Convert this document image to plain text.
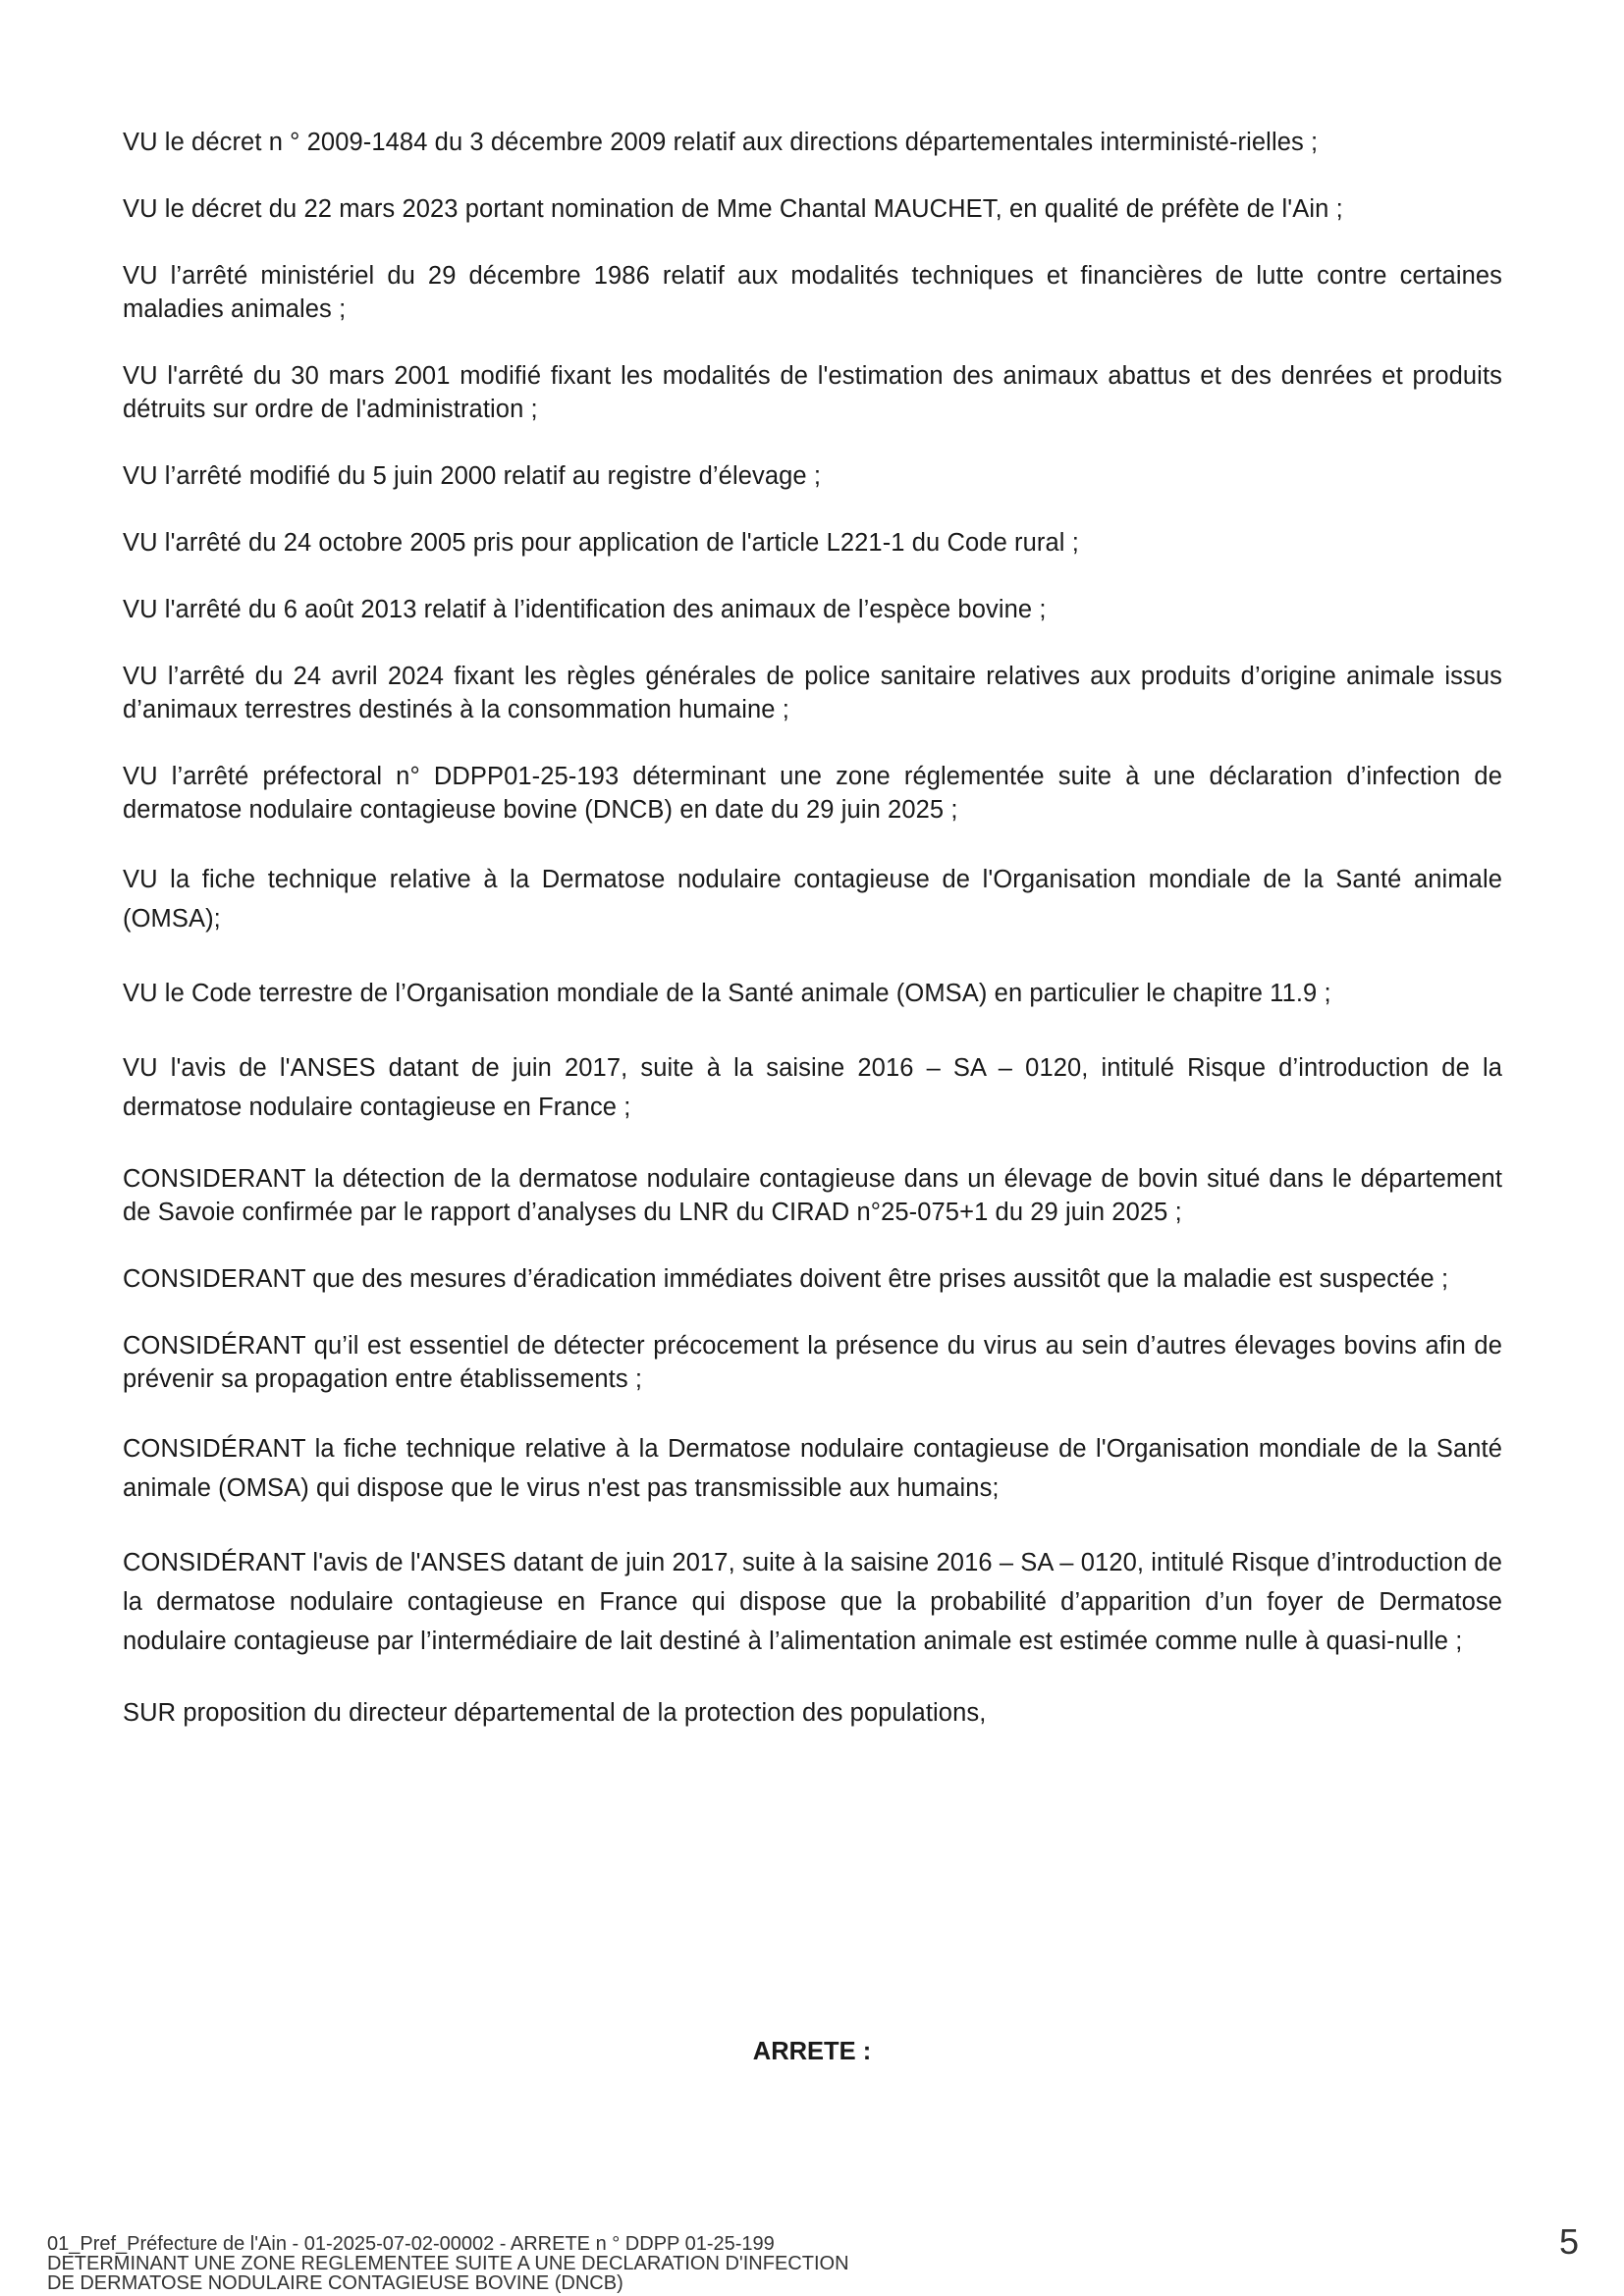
VU le décret n ° 2009-1484 du 3 décembre 2009 relatif aux directions départementales interministé-rielles ;

VU le décret du 22 mars 2023 portant nomination de Mme Chantal MAUCHET, en qualité de préfète de l'Ain ;

VU l’arrêté ministériel du 29 décembre 1986 relatif aux modalités techniques et financières de lutte contre certaines maladies animales ;

VU l'arrêté du 30 mars 2001 modifié fixant les modalités de l'estimation des animaux abattus et des denrées et produits détruits sur ordre de l'administration ;

VU l’arrêté modifié du 5 juin 2000 relatif au registre d’élevage ;

VU l'arrêté du 24 octobre 2005 pris pour application de l'article L221-1 du Code rural ;

VU l'arrêté du 6 août 2013 relatif à l’identification des animaux de l’espèce bovine ;

VU l’arrêté du 24 avril 2024 fixant les règles générales de police sanitaire relatives aux produits d’origine animale issus d’animaux terrestres destinés à la consommation humaine ;

VU l’arrêté préfectoral n° DDPP01-25-193 déterminant une zone réglementée suite à une déclaration d’infection de dermatose nodulaire contagieuse bovine (DNCB) en date du 29 juin 2025 ;

VU la fiche technique relative à la Dermatose nodulaire contagieuse de l'Organisation mondiale de la Santé animale (OMSA);

VU le Code terrestre de l’Organisation mondiale de la Santé animale (OMSA) en particulier le chapitre 11.9 ;

VU l'avis de l'ANSES datant de juin 2017, suite à la saisine 2016 – SA – 0120, intitulé Risque d’introduction de la dermatose nodulaire contagieuse en France ;

CONSIDERANT la détection de la dermatose nodulaire contagieuse dans un élevage de bovin situé dans le département de Savoie confirmée par le rapport d’analyses du LNR du CIRAD n°25-075+1 du 29 juin 2025 ;

CONSIDERANT que des mesures d’éradication immédiates doivent être prises aussitôt que la maladie est suspectée ;

CONSIDÉRANT qu’il est essentiel de détecter précocement la présence du virus au sein d’autres élevages bovins afin de prévenir sa propagation entre établissements ;

CONSIDÉRANT la fiche technique relative à la Dermatose nodulaire contagieuse de l'Organisation mondiale de la Santé animale (OMSA) qui dispose que le virus n'est pas transmissible aux humains;

CONSIDÉRANT l'avis de l'ANSES datant de juin 2017, suite à la saisine 2016 – SA – 0120, intitulé Risque d’introduction de la dermatose nodulaire contagieuse en France qui dispose que la probabilité d’apparition d’un foyer de Dermatose nodulaire contagieuse par l’intermédiaire de lait destiné à l’alimentation animale est estimée comme nulle à quasi-nulle ;

SUR proposition du directeur départemental de la protection des populations,

ARRETE :
01_Pref_Préfecture de l'Ain - 01-2025-07-02-00002 - ARRETE n ° DDPP 01-25-199
DETERMINANT UNE ZONE REGLEMENTEE SUITE A UNE DECLARATION D'INFECTION
DE DERMATOSE NODULAIRE CONTAGIEUSE BOVINE (DNCB)
5
